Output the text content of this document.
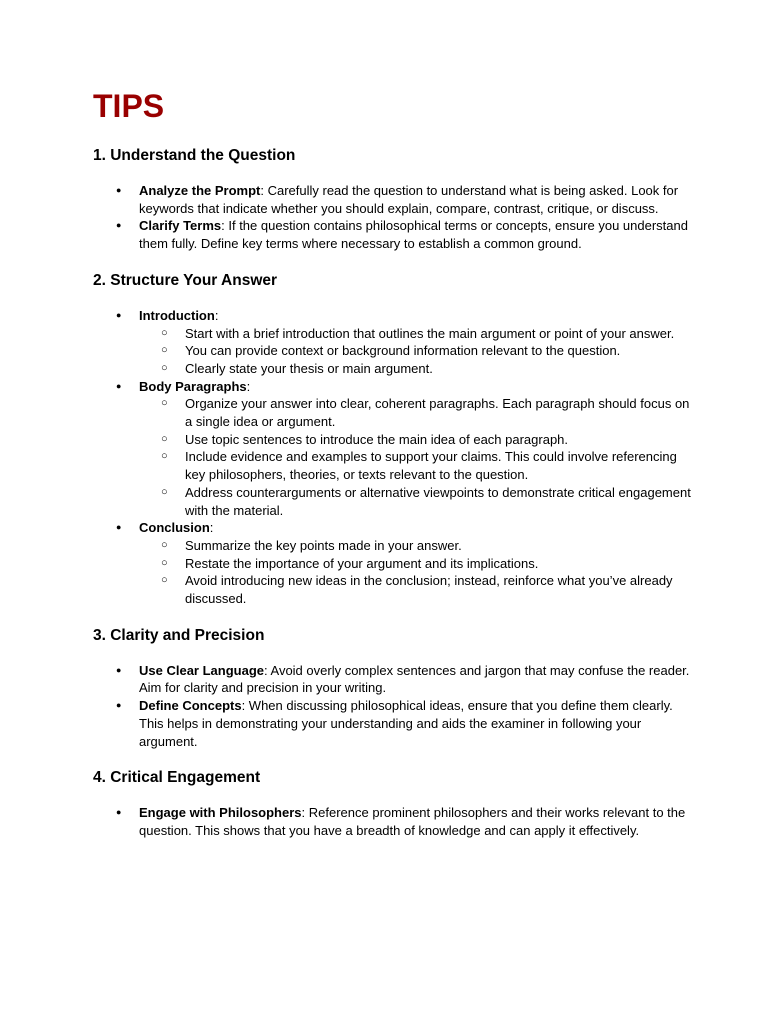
TIPS
1. Understand the Question
● Analyze the Prompt: Carefully read the question to understand what is being asked. Look for keywords that indicate whether you should explain, compare, contrast, critique, or discuss.
● Clarify Terms: If the question contains philosophical terms or concepts, ensure you understand them fully. Define key terms where necessary to establish a common ground.
2. Structure Your Answer
● Introduction:
○ Start with a brief introduction that outlines the main argument or point of your answer.
○ You can provide context or background information relevant to the question.
○ Clearly state your thesis or main argument.
● Body Paragraphs:
○ Organize your answer into clear, coherent paragraphs. Each paragraph should focus on a single idea or argument.
○ Use topic sentences to introduce the main idea of each paragraph.
○ Include evidence and examples to support your claims. This could involve referencing key philosophers, theories, or texts relevant to the question.
○ Address counterarguments or alternative viewpoints to demonstrate critical engagement with the material.
● Conclusion:
○ Summarize the key points made in your answer.
○ Restate the importance of your argument and its implications.
○ Avoid introducing new ideas in the conclusion; instead, reinforce what you’ve already discussed.
3. Clarity and Precision
● Use Clear Language: Avoid overly complex sentences and jargon that may confuse the reader. Aim for clarity and precision in your writing.
● Define Concepts: When discussing philosophical ideas, ensure that you define them clearly. This helps in demonstrating your understanding and aids the examiner in following your argument.
4. Critical Engagement
● Engage with Philosophers: Reference prominent philosophers and their works relevant to the question. This shows that you have a breadth of knowledge and can apply it effectively.
